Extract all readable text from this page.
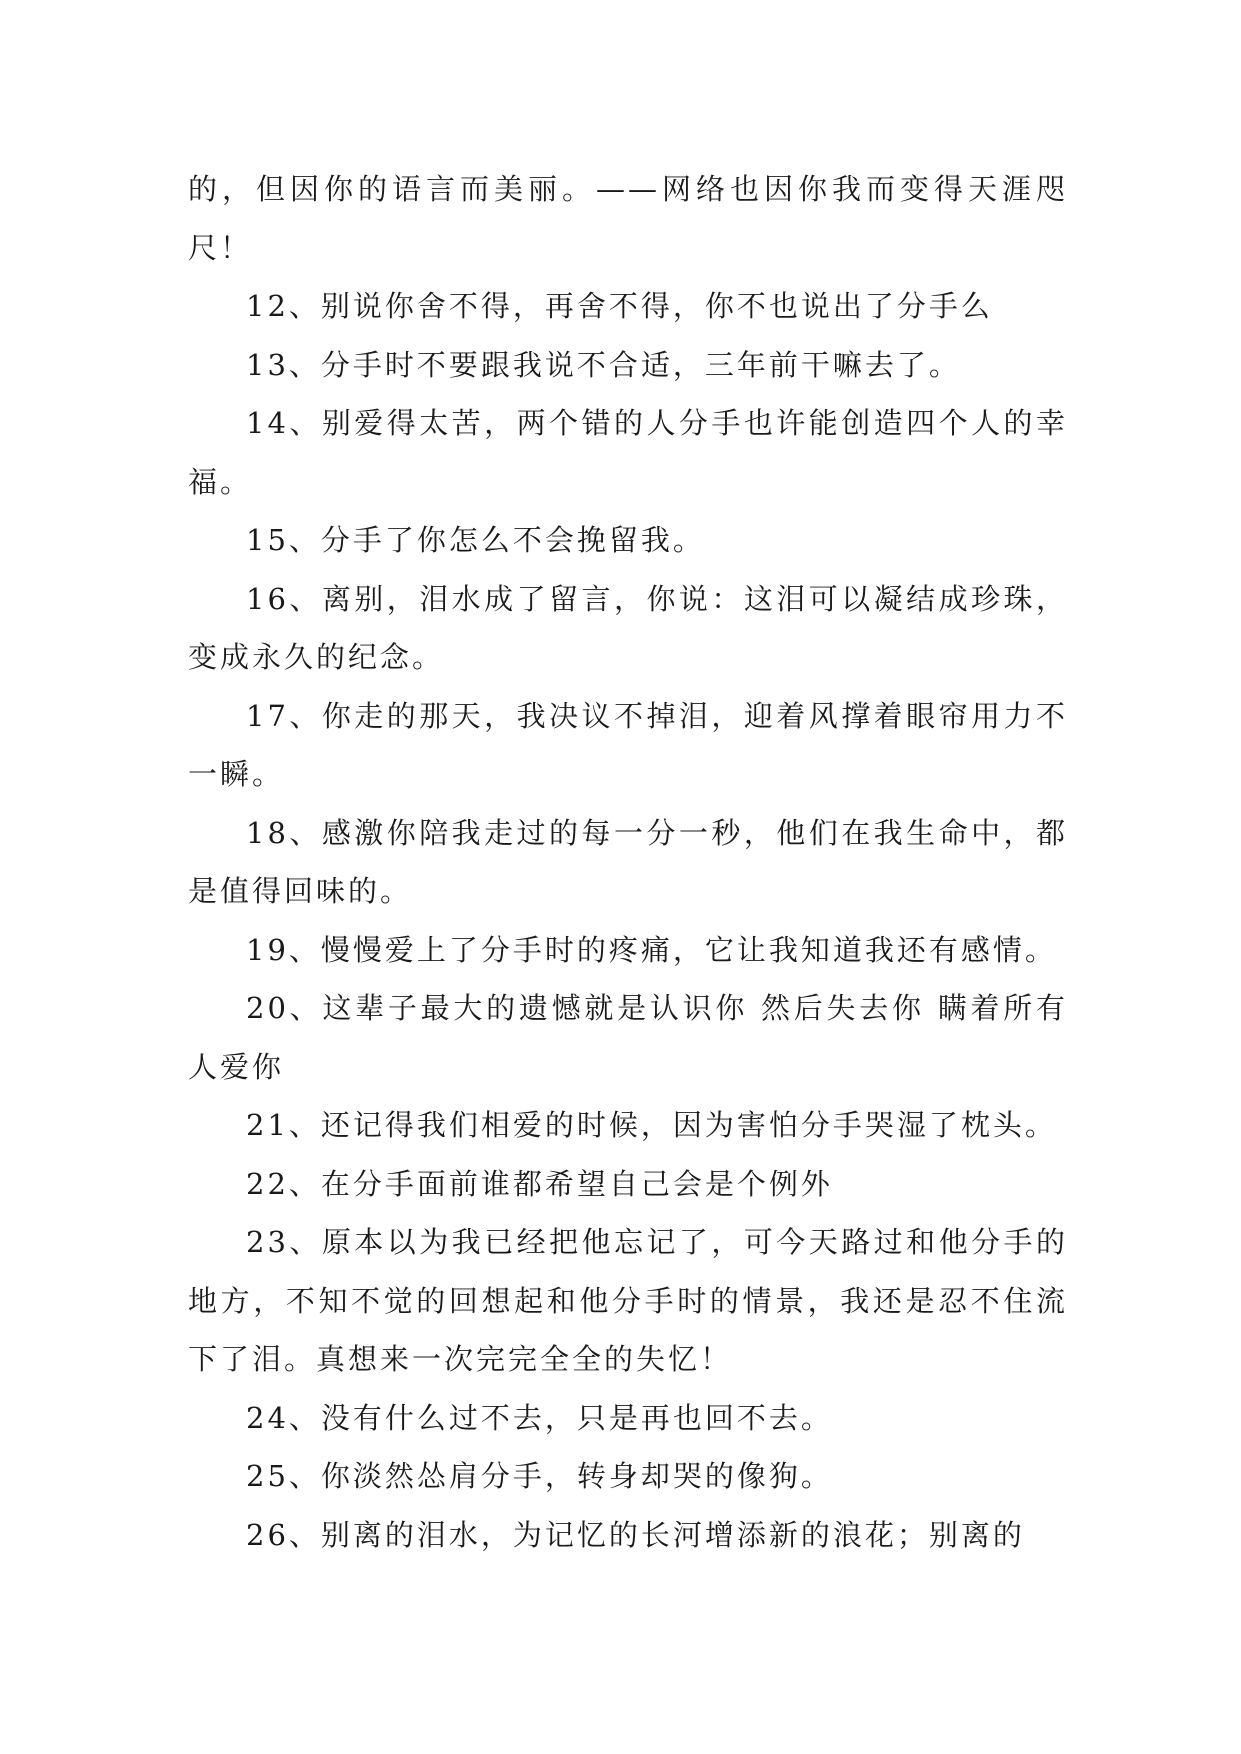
的，但因你的语言而美丽。——网络也因你我而变得天涯咫尺！

12、别说你舍不得，再舍不得，你不也说出了分手么

13、分手时不要跟我说不合适，三年前干嘛去了。

14、别爱得太苦，两个错的人分手也许能创造四个人的幸福。

15、分手了你怎么不会挽留我。

16、离别，泪水成了留言，你说：这泪可以凝结成珍珠，变成永久的纪念。

17、你走的那天，我决议不掉泪，迎着风撑着眼帘用力不一瞬。

18、感激你陪我走过的每一分一秒，他们在我生命中，都是值得回味的。

19、慢慢爱上了分手时的疼痛，它让我知道我还有感情。

20、这辈子最大的遗憾就是认识你 然后失去你 瞒着所有人爱你

21、还记得我们相爱的时候，因为害怕分手哭湿了枕头。

22、在分手面前谁都希望自己会是个例外

23、原本以为我已经把他忘记了，可今天路过和他分手的地方，不知不觉的回想起和他分手时的情景，我还是忍不住流下了泪。真想来一次完完全全的失忆！

24、没有什么过不去，只是再也回不去。

25、你淡然怂肩分手，转身却哭的像狗。

26、别离的泪水，为记忆的长河增添新的浪花；别离的
